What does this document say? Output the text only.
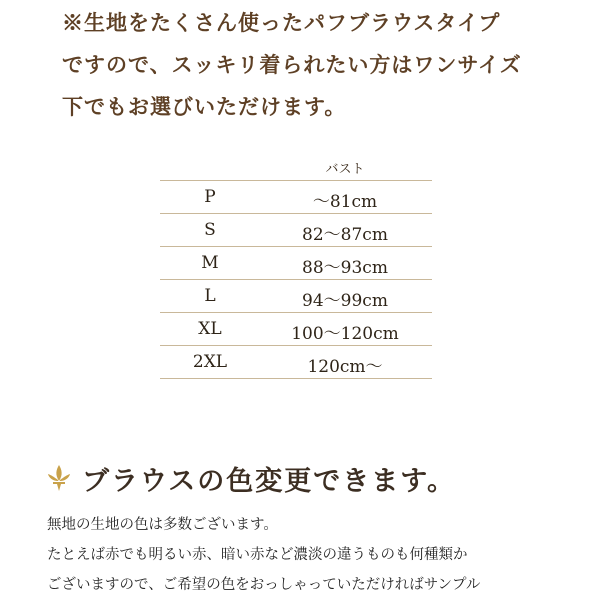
※生地をたくさん使ったパフブラウスタイプ
ですので、スッキリ着られたい方はワンサイズ
下でもお選びいただけます。
バスト
P	〜81cm
S	82〜87cm
M	88〜93cm
L	94〜99cm
XL	100〜120cm
2XL	120cm〜
ブラウスの色変更できます。
無地の生地の色は多数ございます。
たとえば赤でも明るい赤、暗い赤など濃淡の違うものも何種類か
ございますので、ご希望の色をおっしゃっていただければサンプル
